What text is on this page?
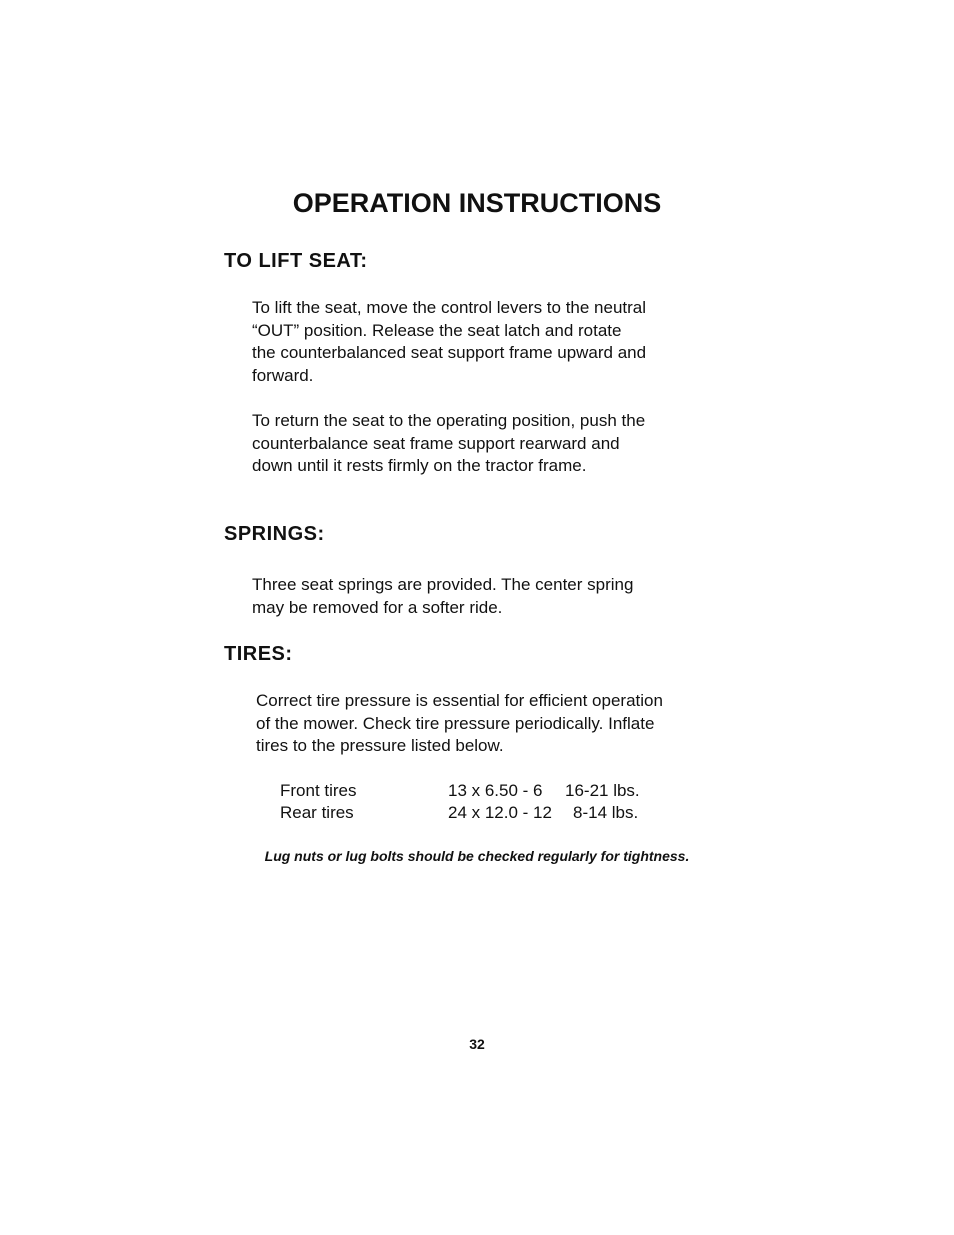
OPERATION INSTRUCTIONS
TO LIFT SEAT:
To lift the seat, move the control levers to the neutral
“OUT” position. Release the seat latch and rotate
the counterbalanced seat support frame upward and
forward.
To return the seat to the operating position, push the
counterbalance seat frame support rearward and
down until it rests firmly on the tractor frame.
SPRINGS:
Three seat springs are provided. The center spring
may be removed for a softer ride.
TIRES:
Correct tire pressure is essential for efficient operation
of the mower. Check tire pressure periodically. Inflate
tires to the pressure listed below.
Front tires	13 x 6.50 - 6 16-21 lbs.
Rear tires	24 x 12.0 - 12 8-14 lbs.
Lug nuts or lug bolts should be checked regularly for tightness.
32
